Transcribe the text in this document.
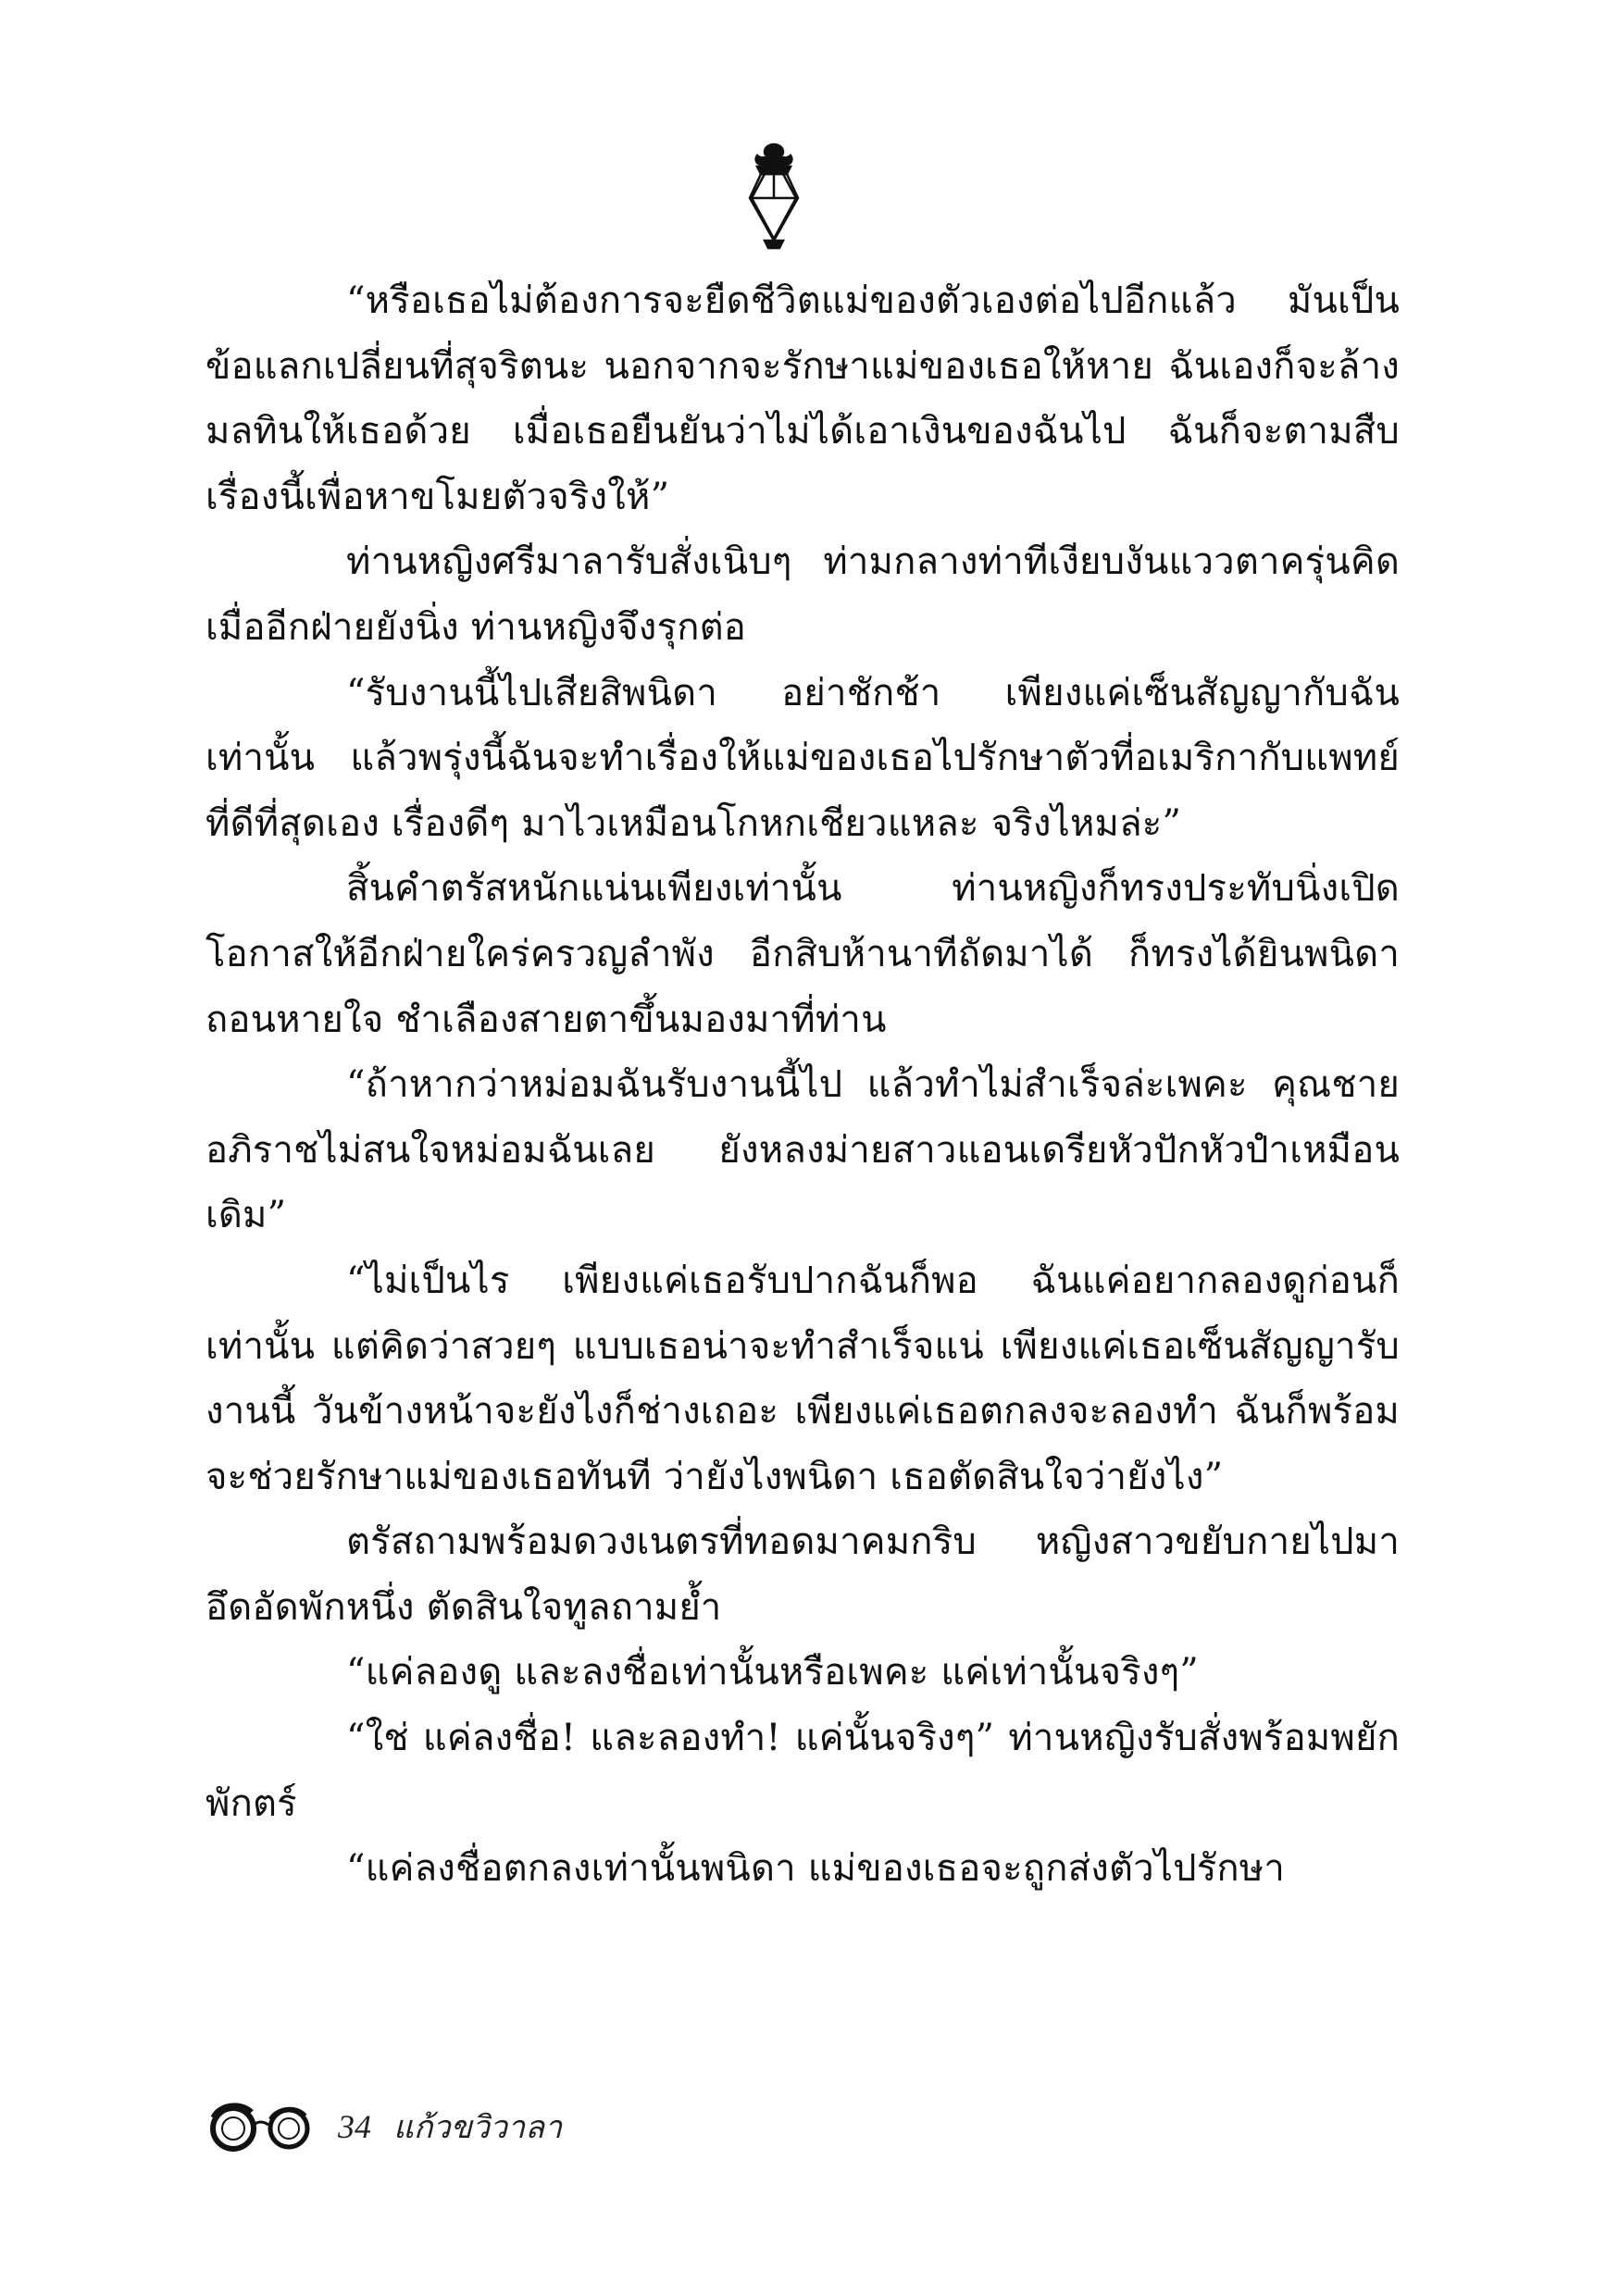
“หรือเธอไม่ต้องการจะยืดชีวิตแม่ของตัวเองต่อไปอีกแล้ว มันเป็นข้อแลกเปลี่ยนที่สุจริตนะ นอกจากจะรักษาแม่ของเธอให้หาย ฉันเองก็จะล้างมลทินให้เธอด้วย เมื่อเธอยืนยันว่าไม่ได้เอาเงินของฉันไป ฉันก็จะตามสืบเรื่องนี้เพื่อหาขโมยตัวจริงให้”

ท่านหญิงศรีมาลารับสั่งเนิบๆ ท่ามกลางท่าทีเงียบงันแววตาครุ่นคิด เมื่ออีกฝ่ายยังนิ่ง ท่านหญิงจึงรุกต่อ

“รับงานนี้ไปเสียสิพนิดา อย่าชักช้า เพียงแค่เซ็นสัญญากับฉันเท่านั้น แล้วพรุ่งนี้ฉันจะทำเรื่องให้แม่ของเธอไปรักษาตัวที่อเมริกากับแพทย์ที่ดีที่สุดเอง เรื่องดีๆ มาไวเหมือนโกหกเชียวแหละ จริงไหมล่ะ”

สิ้นคำตรัสหนักแน่นเพียงเท่านั้น ท่านหญิงก็ทรงประทับนิ่งเปิดโอกาสให้อีกฝ่ายใคร่ครวญลำพัง อีกสิบห้านาทีถัดมาได้ ก็ทรงได้ยินพนิดาถอนหายใจ ชำเลืองสายตาขึ้นมองมาที่ท่าน

“ถ้าหากว่าหม่อมฉันรับงานนี้ไป แล้วทำไม่สำเร็จล่ะเพคะ คุณชายอภิราชไม่สนใจหม่อมฉันเลย ยังหลงม่ายสาวแอนเดรียหัวปักหัวปำเหมือนเดิม”

“ไม่เป็นไร เพียงแค่เธอรับปากฉันก็พอ ฉันแค่อยากลองดูก่อนก็เท่านั้น แต่คิดว่าสวยๆ แบบเธอน่าจะทำสำเร็จแน่ เพียงแค่เธอเซ็นสัญญารับงานนี้ วันข้างหน้าจะยังไงก็ช่างเถอะ เพียงแค่เธอตกลงจะลองทำ ฉันก็พร้อมจะช่วยรักษาแม่ของเธอทันที ว่ายังไงพนิดา เธอตัดสินใจว่ายังไง”

ตรัสถามพร้อมดวงเนตรที่ทอดมาคมกริบ หญิงสาวขยับกายไปมาอึดอัดพักหนึ่ง ตัดสินใจทูลถามย้ำ

“แค่ลองดู และลงชื่อเท่านั้นหรือเพคะ แค่เท่านั้นจริงๆ”

“ใช่ แค่ลงชื่อ! และลองทำ! แค่นั้นจริงๆ” ท่านหญิงรับสั่งพร้อมพยักพักตร์

“แค่ลงชื่อตกลงเท่านั้นพนิดา แม่ของเธอจะถูกส่งตัวไปรักษา

34 แก้วขวิวาลา
